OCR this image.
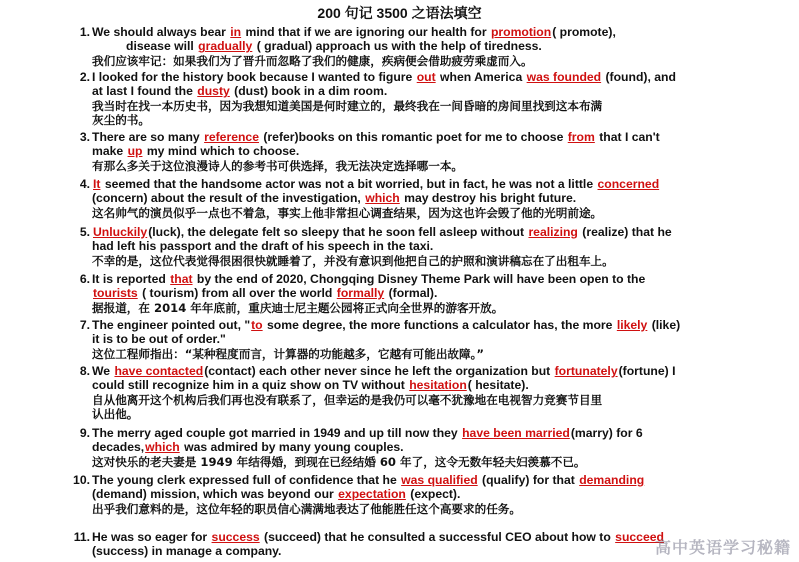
200 句记 3500 之语法填空
1. We should always bear in mind that if we are ignoring our health for promotion( promote),
disease will gradually ( gradual) approach us with the help of tiredness.
我们应该牢记：如果我们为了晋升而忽略了我们的健康，疾病便会借助疲劳乘虚而入。
2. I looked for the history book because I wanted to figure out when America was founded (found), and
at last I found the dusty (dust) book in a dim room.
我当时在找一本历史书，因为我想知道美国是何时建立的，最终我在一间昏暗的房间里找到这本布满
灰尘的书。
3. There are so many reference (refer)books on this romantic poet for me to choose from that I can't
make up my mind which to choose.
有那么多关于这位浪漫诗人的参考书可供选择，我无法决定选择哪一本。
4. It seemed that the handsome actor was not a bit worried, but in fact, he was not a little concerned
(concern) about the result of the investigation, which may destroy his bright future.
这名帅气的演员似乎一点也不着急，事实上他非常担心调查结果，因为这也许会毁了他的光明前途。
5. Unluckily(luck), the delegate felt so sleepy that he soon fell asleep without realizing (realize) that he
had left his passport and the draft of his speech in the taxi.
不幸的是，这位代表觉得很困很快就睡着了，并没有意识到他把自己的护照和演讲稿忘在了出租车上。
6. It is reported that by the end of 2020, Chongqing Disney Theme Park will have been open to the
tourists ( tourism) from all over the world formally (formal).
据报道，在 2014 年年底前，重庆迪士尼主题公园将正式向全世界的游客开放。
7. The engineer pointed out, "to some degree, the more functions a calculator has, the more likely (like)
it is to be out of order."
这位工程师指出：“某种程度而言，计算器的功能越多，它越有可能出故障。”
8. We have contacted(contact) each other never since he left the organization but fortunately(fortune) I
could still recognize him in a quiz show on TV without hesitation( hesitate).
自从他离开这个机构后我们再也没有联系了，但幸运的是我仍可以毫不犹豫地在电视智力竞赛节目里
认出他。
9. The merry aged couple got married in 1949 and up till now they have been married(marry) for 6
decades,which was admired by many young couples.
这对快乐的老夫妻是 1949 年结得婚，到现在已经结婚 60 年了，这令无数年轻夫妇羡慕不已。
10. The young clerk expressed full of confidence that he was qualified (qualify) for that demanding
(demand) mission, which was beyond our expectation (expect).
出乎我们意料的是，这位年轻的职员信心满满地表达了他能胜任这个高要求的任务。
11. He was so eager for success (succeed) that he consulted a successful CEO about how to succeed
(success) in manage a company.	高中英语学习秘籍
